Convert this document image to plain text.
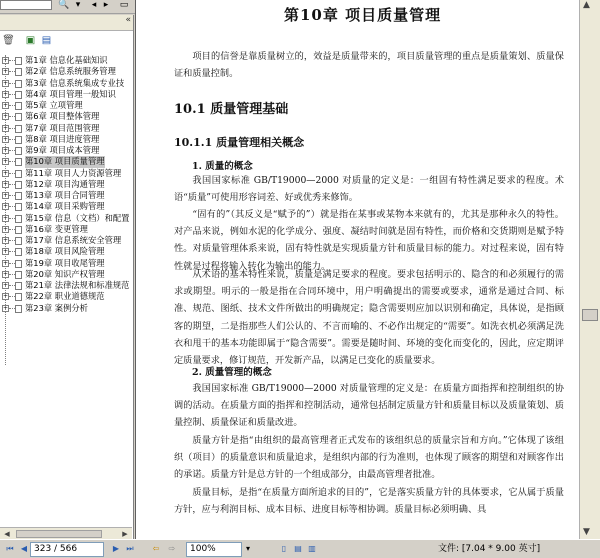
🔍 ▾	◂ ▸	▭
«
🗑 ▣ ▤
+ 第1章 信息化基础知识
+ 第2章 信息系统服务管理
+ 第3章 信息系统集成专业技
+ 第4章 项目管理一般知识
+ 第5章 立项管理
+ 第6章 项目整体管理
+ 第7章 项目范围管理
+ 第8章 项目进度管理
+ 第9章 项目成本管理
+ 第10章 项目质量管理
+ 第11章 项目人力资源管理
+ 第12章 项目沟通管理
+ 第13章 项目合同管理
+ 第14章 项目采购管理
+ 第15章 信息（文档）和配置
+ 第16章 变更管理
+ 第17章 信息系统安全管理
+ 第18章 项目风险管理
+ 第19章 项目收尾管理
+ 第20章 知识产权管理
+ 第21章 法律法规和标准规范
+ 第22章 职业道德规范
+ 第23章 案例分析
◀	▶
第10章 项目质量管理
项目的信誉是靠质量树立的，效益是质量带来的，项目质量管理的重点是质量策划、质量保证和质量控制。
10.1 质量管理基础
10.1.1 质量管理相关概念
1. 质量的概念
我国国家标准 GB/T19000—2000 对质量的定义是：一组固有特性满足要求的程度。术语“质量”可使用形容词差、好或优秀来修饰。
“固有的”（其反义是“赋予的”）就是指在某事或某物本来就有的，尤其是那种永久的特性。对产品来说，例如水泥的化学成分、强度、凝结时间就是固有特性，而价格和交货期则是赋予特性。对质量管理体系来说，固有特性就是实现质量方针和质量目标的能力。对过程来说，固有特性就是过程将输入转化为输出的能力。
从术语的基本特性来说，质量是满足要求的程度。要求包括明示的、隐含的和必须履行的需求或期望。明示的一般是指在合同环境中，用户明确提出的需要或要求，通常是通过合同、标准、规范、图纸、技术文件所做出的明确规定；隐含需要则应加以识别和确定，具体说，是指顾客的期望，二是指那些人们公认的、不言而喻的、不必作出规定的“需要”。如洗衣机必须满足洗衣和甩干的基本功能即属于“隐含需要”。需要是随时间、环境的变化而变化的，因此，应定期评定质量要求，修订规范，开发新产品，以满足已变化的质量要求。
2. 质量管理的概念
我国国家标准 GB/T19000—2000 对质量管理的定义是：在质量方面指挥和控制组织的协调的活动。在质量方面的指挥和控制活动，通常包括制定质量方针和质量目标以及质量策划、质量控制、质量保证和质量改进。
质量方针是指“由组织的最高管理者正式发布的该组织总的质量宗旨和方向。”它体现了该组织（项目）的质量意识和质量追求，是组织内部的行为准则，也体现了顾客的期望和对顾客作出的承诺。质量方针是总方针的一个组成部分，由最高管理者批准。
质量目标，是指“在质量方面所追求的目的”，它是落实质量方针的具体要求，它从属于质量方针，应与利润目标、成本目标、进度目标等相协调。质量目标必须明确、具
▲
▼
⏮ ◀ 323 / 566	▶ ⏭	⇦	⇨	100%	▾	▯	▤ ▥	文件: [7.04 * 9.00 英寸]
